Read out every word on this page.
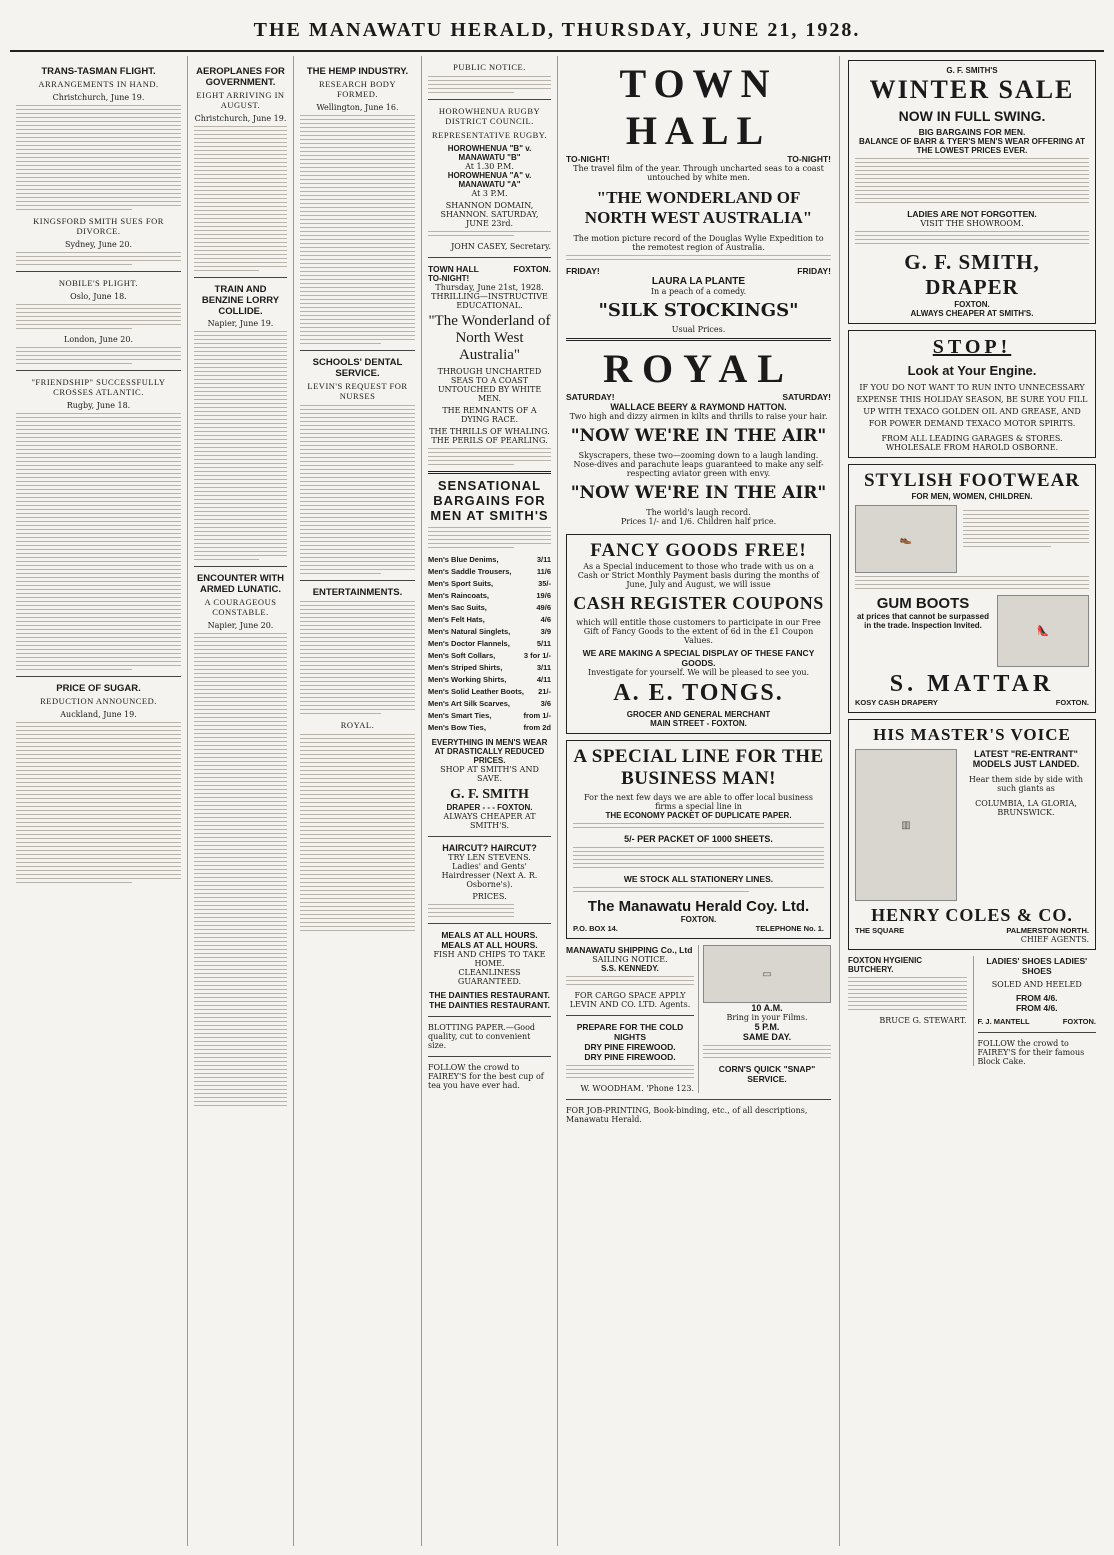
THE MANAWATU HERALD, THURSDAY, JUNE 21, 1928.
TRANS-TASMAN FLIGHT.
ARRANGEMENTS IN HAND.
Christchurch, June 19.
KINGSFORD SMITH SUES FOR DIVORCE.
Sydney, June 20.
NOBILE'S PLIGHT.
Oslo, June 18.
London, June 20.
"FRIENDSHIP" SUCCESSFULLY CROSSES ATLANTIC.
Rugby, June 18.
PRICE OF SUGAR.
REDUCTION ANNOUNCED.
Auckland, June 19.
AEROPLANES FOR GOVERNMENT.
EIGHT ARRIVING IN AUGUST.
Christchurch, June 19.
TRAIN AND BENZINE LORRY COLLIDE.
Napier, June 19.
ENCOUNTER WITH ARMED LUNATIC.
A COURAGEOUS CONSTABLE.
Napier, June 20.
THE HEMP INDUSTRY.
RESEARCH BODY FORMED.
Wellington, June 16.
SCHOOLS' DENTAL SERVICE.
LEVIN'S REQUEST FOR NURSES
ENTERTAINMENTS.
ROYAL.
PUBLIC NOTICE.
HOROWHENUA RUGBY DISTRICT COUNCIL.
REPRESENTATIVE RUGBY.
HOROWHENUA "B" v. MANAWATU "B"
At 1.30 P.M.
HOROWHENUA "A" v. MANAWATU "A"
At 3 P.M.
SHANNON DOMAIN, SHANNON. SATURDAY, JUNE 23rd.
JOHN CASEY, Secretary.
TOWN HALL	FOXTON.
TO-NIGHT!
Thursday, June 21st, 1928.
THRILLING—INSTRUCTIVE EDUCATIONAL.
"The Wonderland of North West Australia"
THROUGH UNCHARTED SEAS TO A COAST UNTOUCHED BY WHITE MEN.
THE REMNANTS OF A DYING RACE.
THE THRILLS OF WHALING. THE PERILS OF PEARLING.
SENSATIONAL BARGAINS FOR MEN AT SMITH'S
Men's Blue Denims,	3/11
Men's Saddle Trousers,	11/6
Men's Sport Suits,	35/-
Men's Raincoats,	19/6
Men's Sac Suits,	49/6
Men's Felt Hats,	4/6
Men's Natural Singlets,	3/9
Men's Doctor Flannels,	5/11
Men's Soft Collars,	3 for 1/-
Men's Striped Shirts,	3/11
Men's Working Shirts,	4/11
Men's Solid Leather Boots, 21/-
Men's Art Silk Scarves,	3/6
Men's Smart Ties,	from 1/-
Men's Bow Ties,	from 2d
EVERYTHING IN MEN'S WEAR AT DRASTICALLY REDUCED PRICES.
SHOP AT SMITH'S AND SAVE.
G. F. SMITH
DRAPER - - - FOXTON.
ALWAYS CHEAPER AT SMITH'S.
HAIRCUT? HAIRCUT?
TRY LEN STEVENS.
Ladies' and Gents' Hairdresser (Next A. R. Osborne's).
PRICES.
MEALS AT ALL HOURS. MEALS AT ALL HOURS.
FISH AND CHIPS TO TAKE HOME.
CLEANLINESS GUARANTEED.
THE DAINTIES RESTAURANT. THE DAINTIES RESTAURANT.
BLOTTING PAPER.—Good quality, cut to convenient size.
FOLLOW the crowd to FAIREY'S for the best cup of tea you have ever had.
TOWN HALL
TO-NIGHT!	TO-NIGHT!
The travel film of the year. Through uncharted seas to a coast untouched by white men.
"THE WONDERLAND OF NORTH WEST AUSTRALIA"
The motion picture record of the Douglas Wylie Expedition to the remotest region of Australia.
FRIDAY!	FRIDAY!
LAURA LA PLANTE
In a peach of a comedy.
"SILK STOCKINGS"
Usual Prices.
ROYAL
SATURDAY!	SATURDAY!
WALLACE BEERY & RAYMOND HATTON.
Two high and dizzy airmen in kilts and thrills to raise your hair.
"NOW WE'RE IN THE AIR"
Skyscrapers, these two—zooming down to a laugh landing. Nose-dives and parachute leaps guaranteed to make any self-respecting aviator green with envy.
"NOW WE'RE IN THE AIR"
The world's laugh record.
Prices 1/- and 1/6. Children half price.
FANCY GOODS FREE!
As a Special inducement to those who trade with us on a Cash or Strict Monthly Payment basis during the months of June, July and August, we will issue
CASH REGISTER COUPONS
which will entitle those customers to participate in our Free Gift of Fancy Goods to the extent of 6d in the £1 Coupon Values.
WE ARE MAKING A SPECIAL DISPLAY OF THESE FANCY GOODS.
Investigate for yourself. We will be pleased to see you.
A. E. TONGS.
GROCER AND GENERAL MERCHANT
MAIN STREET - FOXTON.
A SPECIAL LINE FOR THE BUSINESS MAN!
For the next few days we are able to offer local business firms a special line in
THE ECONOMY PACKET OF DUPLICATE PAPER.
5/- PER PACKET OF 1000 SHEETS.
WE STOCK ALL STATIONERY LINES.
The Manawatu Herald Coy. Ltd.
FOXTON.
P.O. BOX 14.	TELEPHONE No. 1.
MANAWATU SHIPPING Co., Ltd
SAILING NOTICE.
S.S. KENNEDY.
FOR CARGO SPACE APPLY LEVIN AND CO. LTD. Agents.
PREPARE FOR THE COLD NIGHTS
DRY PINE FIREWOOD.
DRY PINE FIREWOOD.
W. WOODHAM. 'Phone 123.
▭
10 A.M.
Bring in your Films.
5 P.M.
SAME DAY.
CORN'S QUICK "SNAP" SERVICE.
FOR JOB-PRINTING, Book-binding, etc., of all descriptions, Manawatu Herald.
G. F. SMITH'S
WINTER SALE
NOW IN FULL SWING.
BIG BARGAINS FOR MEN.
BALANCE OF BARR & TYER'S MEN'S WEAR OFFERING AT THE LOWEST PRICES EVER.
LADIES ARE NOT FORGOTTEN.
VISIT THE SHOWROOM.
G. F. SMITH, DRAPER
FOXTON.
ALWAYS CHEAPER AT SMITH'S.
STOP!
Look at Your Engine.
IF YOU DO NOT WANT TO RUN INTO UNNECESSARY EXPENSE THIS HOLIDAY SEASON, BE SURE YOU FILL UP WITH TEXACO GOLDEN OIL AND GREASE, AND FOR POWER DEMAND TEXACO MOTOR SPIRITS.
FROM ALL LEADING GARAGES & STORES.
WHOLESALE FROM HAROLD OSBORNE.
STYLISH FOOTWEAR
FOR MEN, WOMEN, CHILDREN.
👞
GUM BOOTS
at prices that cannot be surpassed in the trade. Inspection Invited.	👠
S. MATTAR
KOSY CASH DRAPERY	FOXTON.
HIS MASTER'S VOICE
▥
LATEST "RE-ENTRANT" MODELS JUST LANDED.
Hear them side by side with such giants as
COLUMBIA, LA GLORIA, BRUNSWICK.
HENRY COLES & CO.
THE SQUARE	PALMERSTON NORTH.
CHIEF AGENTS.
FOXTON HYGIENIC BUTCHERY.
BRUCE G. STEWART.
LADIES' SHOES LADIES' SHOES
SOLED AND HEELED
FROM 4/6.
FROM 4/6.
F. J. MANTELL	FOXTON.
FOLLOW the crowd to FAIREY'S for their famous Block Cake.
